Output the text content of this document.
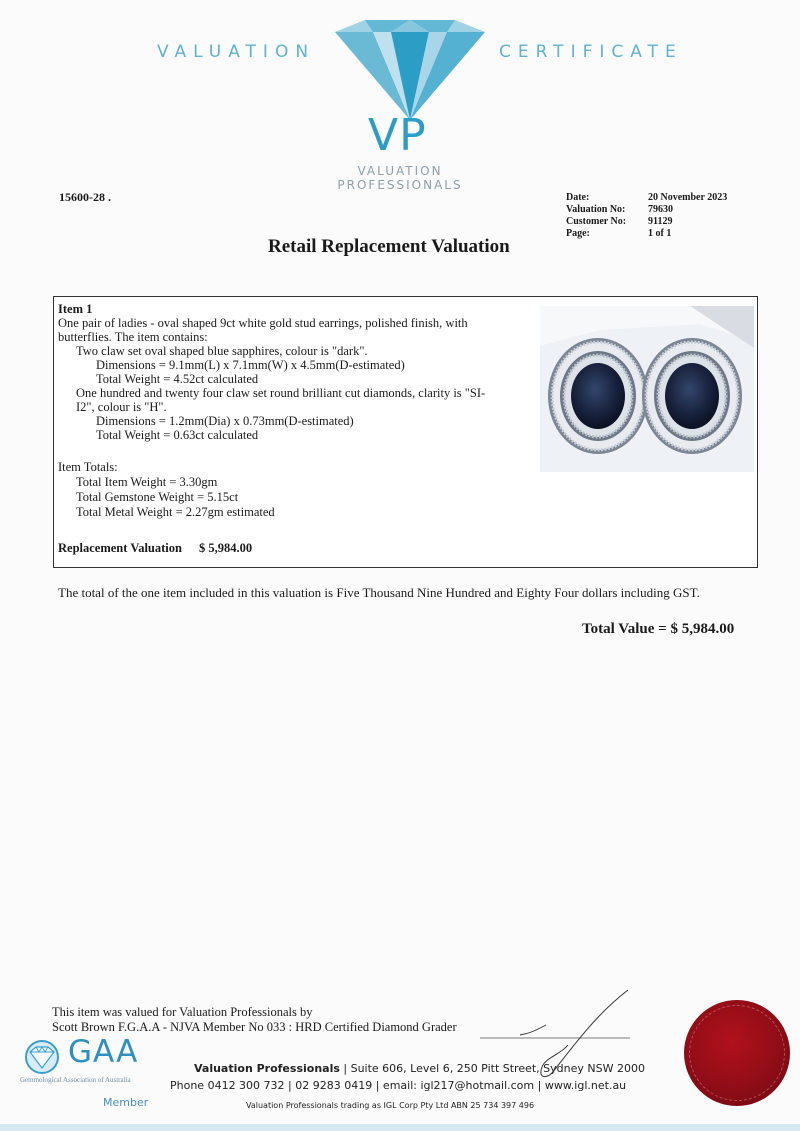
VALUATION	CERTIFICATE
VP
VALUATION
PROFESSIONALS
15600-28 .	Date:	20 November 2023
Valuation No:	79630
Customer No:	91129
Page:	1 of 1
Retail Replacement Valuation
Item 1
One pair of ladies - oval shaped 9ct white gold stud earrings, polished finish, with
butterflies. The item contains:
Two claw set oval shaped blue sapphires, colour is "dark".
Dimensions = 9.1mm(L) x 7.1mm(W) x 4.5mm(D-estimated)
Total Weight = 4.52ct calculated
One hundred and twenty four claw set round brilliant cut diamonds, clarity is "SI-
I2", colour is "H".
Dimensions = 1.2mm(Dia) x 0.73mm(D-estimated)
Total Weight = 0.63ct calculated
Item Totals:
Total Item Weight = 3.30gm
Total Gemstone Weight = 5.15ct
Total Metal Weight = 2.27gm estimated
Replacement Valuation $ 5,984.00
The total of the one item included in this valuation is Five Thousand Nine Hundred and Eighty Four dollars including GST.
Total Value = $ 5,984.00
This item was valued for Valuation Professionals by
Scott Brown F.G.A.A - NJVA Member No 033 : HRD Certified Diamond Grader
GAA
Gemmological Association of Australia
Member
Valuation Professionals | Suite 606, Level 6, 250 Pitt Street, Sydney NSW 2000
Phone 0412 300 732 | 02 9283 0419 | email: igl217@hotmail.com | www.igl.net.au
Valuation Professionals trading as IGL Corp Pty Ltd ABN 25 734 397 496
